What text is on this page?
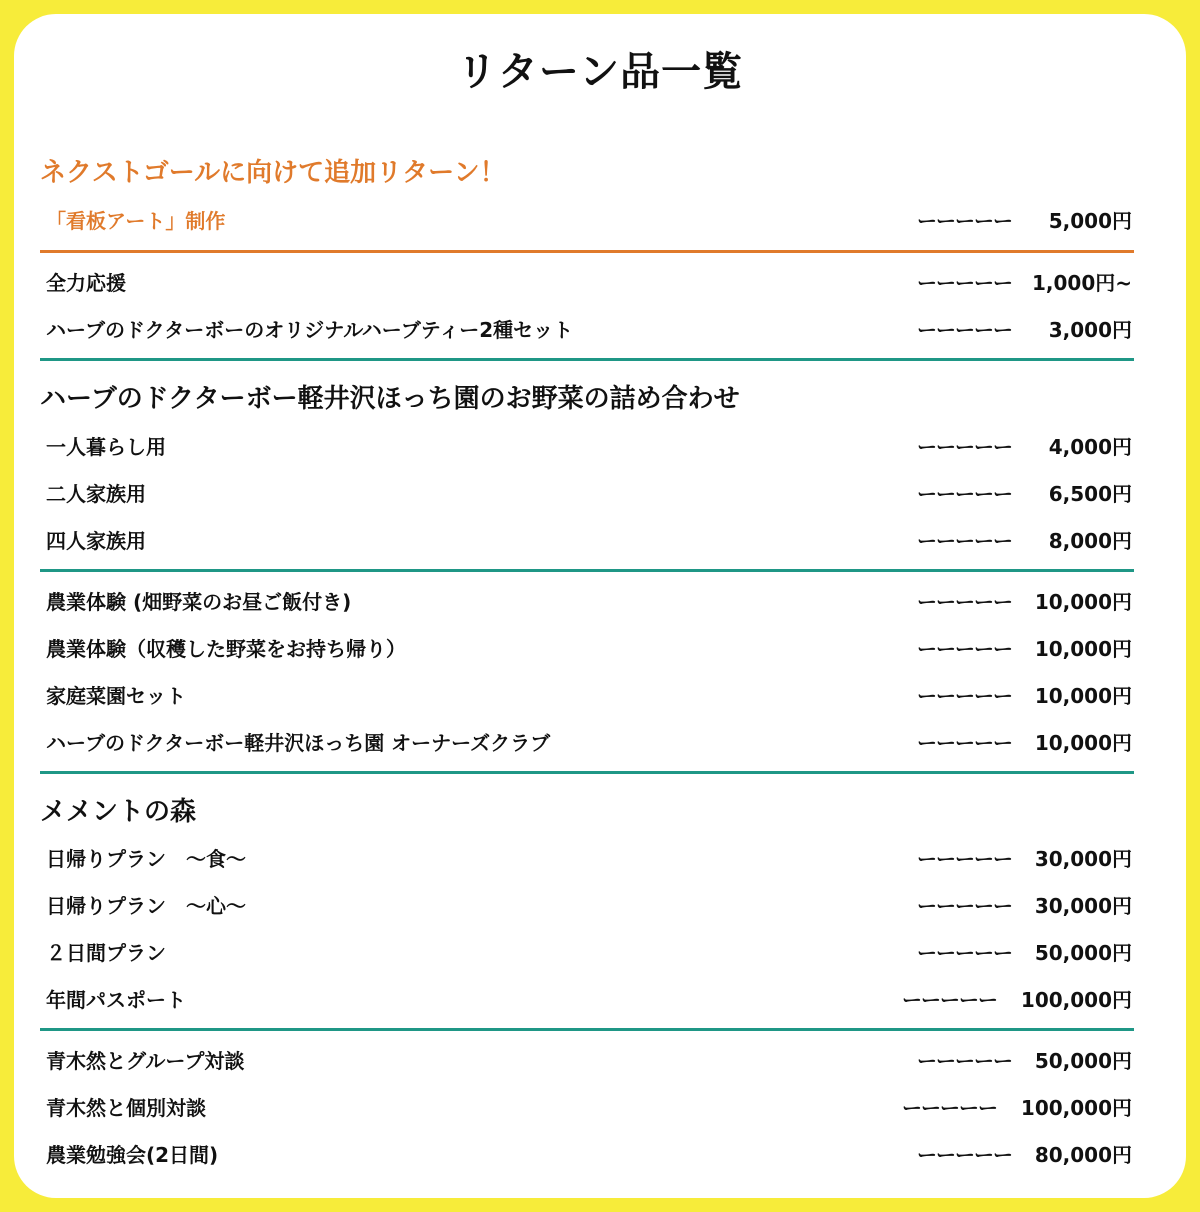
リターン品一覧
ネクストゴールに向けて追加リターン！
「看板アート」制作	ーーーーー 5,000円
全力応援	ーーーーー 1,000円~
ハーブのドクターボーのオリジナルハーブティー2種セット	ーーーーー 3,000円
ハーブのドクターボー軽井沢ほっち園のお野菜の詰め合わせ
一人暮らし用	ーーーーー 4,000円
二人家族用	ーーーーー 6,500円
四人家族用	ーーーーー 8,000円
農業体験 (畑野菜のお昼ご飯付き)	ーーーーー 10,000円
農業体験（収穫した野菜をお持ち帰り）	ーーーーー 10,000円
家庭菜園セット	ーーーーー 10,000円
ハーブのドクターボー軽井沢ほっち園 オーナーズクラブ	ーーーーー 10,000円
メメントの森
日帰りプラン　～食～	ーーーーー 30,000円
日帰りプラン　～心～	ーーーーー 30,000円
２日間プラン	ーーーーー 50,000円
年間パスポート	ーーーーー 100,000円
青木然とグループ対談	ーーーーー 50,000円
青木然と個別対談	ーーーーー 100,000円
農業勉強会(2日間)	ーーーーー 80,000円
